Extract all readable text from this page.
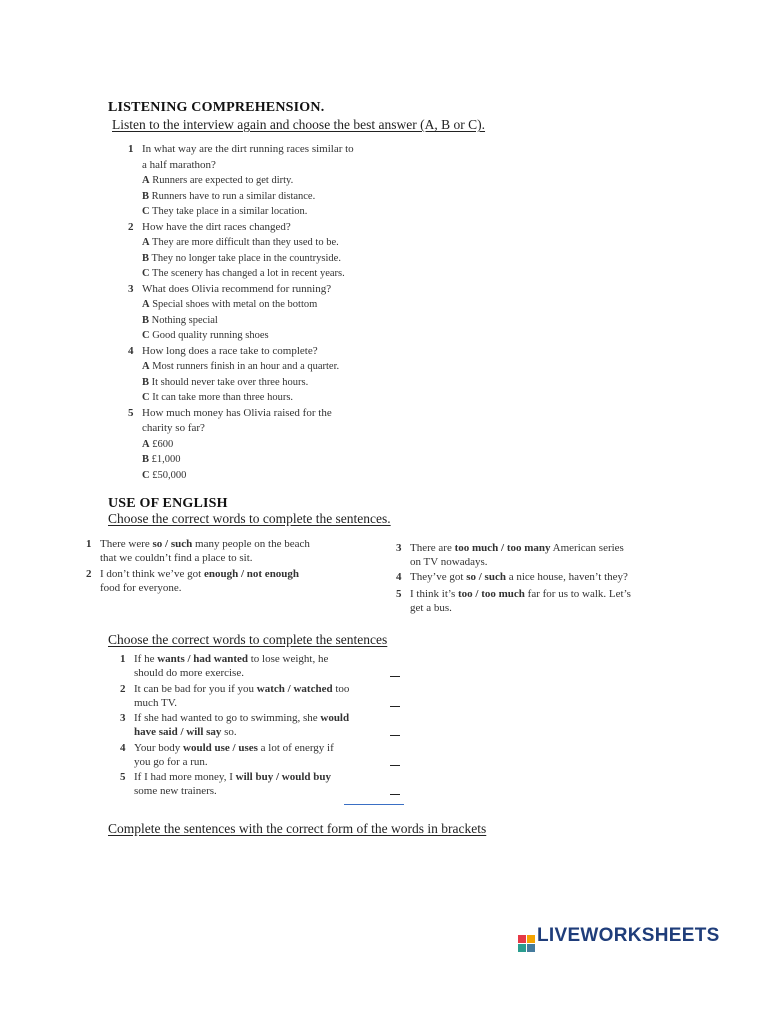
LISTENING COMPREHENSION.
Listen to the interview again and choose the best answer (A, B or C).
1 In what way are the dirt running races similar to
a half marathon?
A Runners are expected to get dirty.
B Runners have to run a similar distance.
C They take place in a similar location.
2 How have the dirt races changed?
A They are more difficult than they used to be.
B They no longer take place in the countryside.
C The scenery has changed a lot in recent years.
3 What does Olivia recommend for running?
A Special shoes with metal on the bottom
B Nothing special
C Good quality running shoes
4 How long does a race take to complete?
A Most runners finish in an hour and a quarter.
B It should never take over three hours.
C It can take more than three hours.
5 How much money has Olivia raised for the
charity so far?
A £600
B £1,000
C £50,000
USE OF ENGLISH
Choose the correct words to complete the sentences.
1 There were so / such many people on the beach
that we couldn’t find a place to sit.
2 I don’t think we’ve got enough / not enough
food for everyone.
3 There are too much / too many American series
on TV nowadays.
4 They’ve got so / such a nice house, haven’t they?
5 I think it’s too / too much far for us to walk. Let’s
get a bus.
Choose the correct words to complete the sentences
1 If he wants / had wanted to lose weight, he
should do more exercise.
2 It can be bad for you if you watch / watched too
much TV.
3 If she had wanted to go to swimming, she would
have said / will say so.
4 Your body would use / uses a lot of energy if
you go for a run.
5 If I had more money, I will buy / would buy
some new trainers.
Complete the sentences with the correct form of the words in brackets
LIVEWORKSHEETS
